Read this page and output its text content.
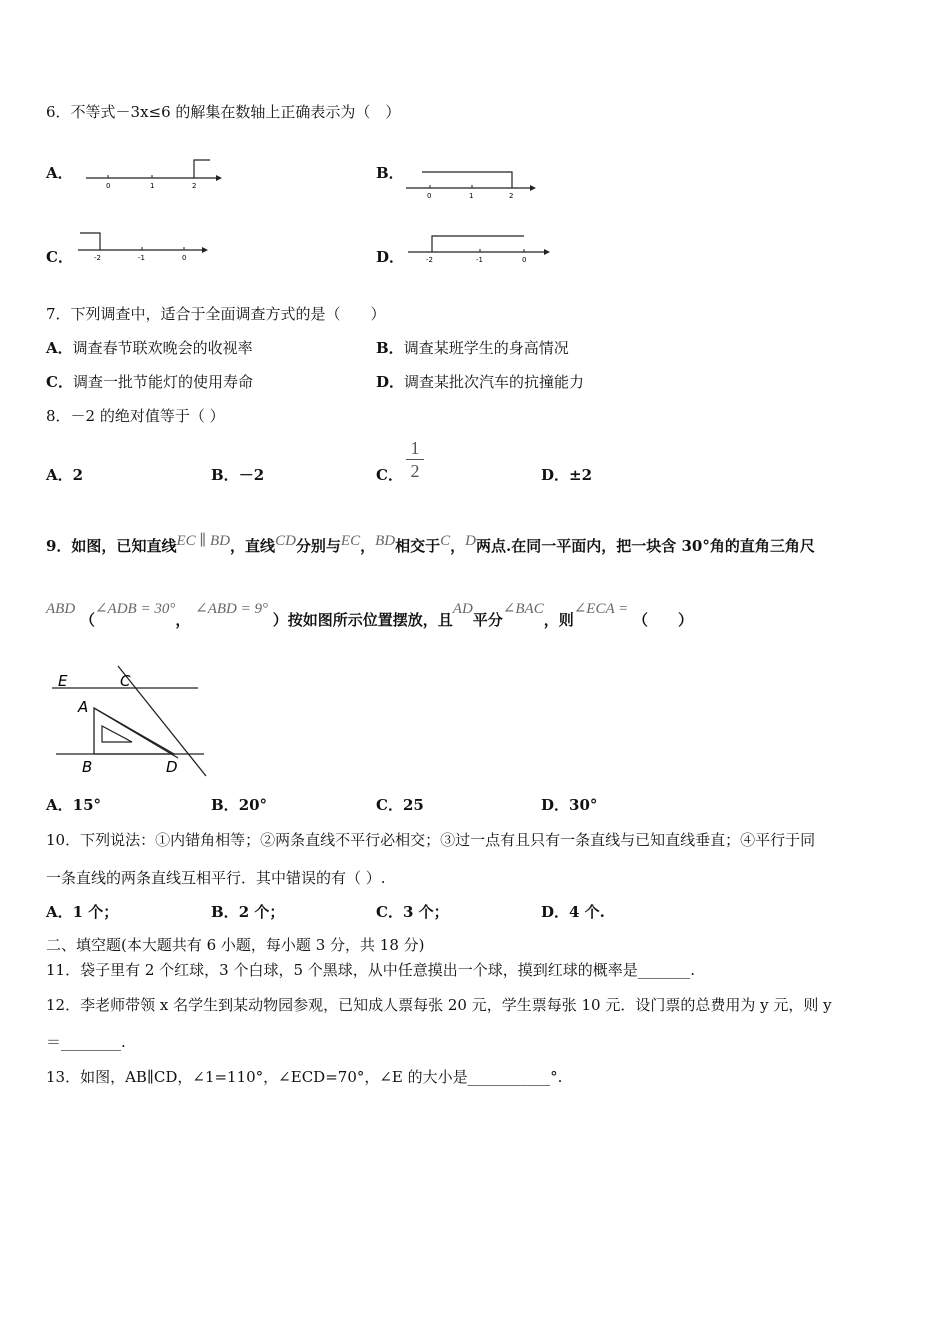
6．不等式－3x≤6 的解集在数轴上正确表示为（　）
A．
0	1	2
B．
0	1	2
C．	-2	-1	0	D．	-2	-1	0
7．下列调查中，适合于全面调查方式的是（　　）
A．调查春节联欢晚会的收视率	B．调查某班学生的身高情况
C．调查一批节能灯的使用寿命	D．调查某批次汽车的抗撞能力
8．－2 的绝对值等于（ ）
A．2	B．－2	C．
1
2	D．±2
9．如图，已知直线EC ∥ BD，直线CD分别与EC，BD相交于C，D两点.在同一平面内，把一块含 30°角的直角三角尺
ABD （∠ADB = 30°， ∠ABD = 9° ）按如图所示位置摆放，且AD平分∠BAC，则∠ECA = （　　）
E	C
A
B	D
A．15°	B．20°	C．25	D．30°
10．下列说法：①内错角相等；②两条直线不平行必相交；③过一点有且只有一条直线与已知直线垂直；④平行于同
一条直线的两条直线互相平行．其中错误的有（ ）.
A．1 个；	B．2 个；	C．3 个；	D．4 个.
二、填空题(本大题共有 6 小题，每小题 3 分，共 18 分)
11．袋子里有 2 个红球，3 个白球，5 个黑球，从中任意摸出一个球，摸到红球的概率是_______.
12．李老师带领 x 名学生到某动物园参观，已知成人票每张 20 元，学生票每张 10 元．设门票的总费用为 y 元，则 y
＝________.
13．如图，AB∥CD，∠1=110°，∠ECD=70°，∠E 的大小是___________°.
